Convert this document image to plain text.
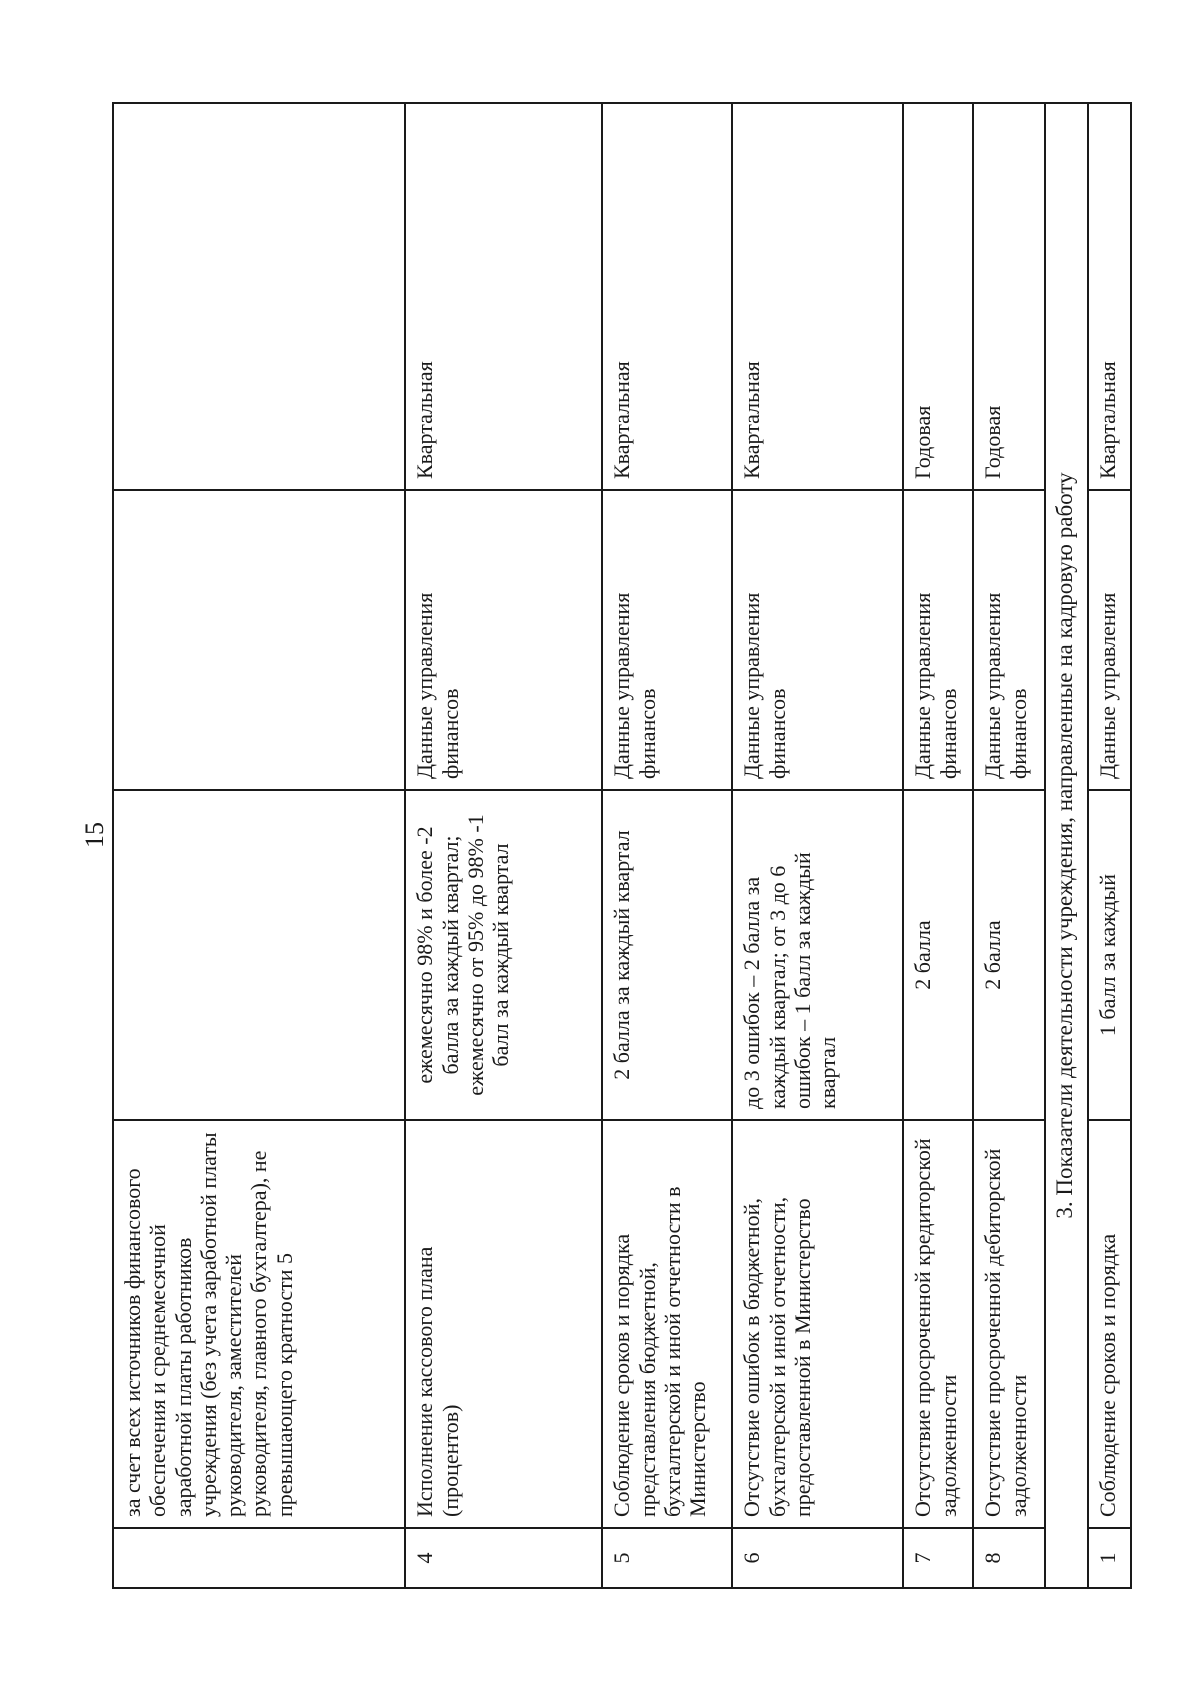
15
	за счет всех источников финансового обеспечения и среднемесячной заработной платы работников учреждения (без учета заработной платы руководителя, заместителей руководителя, главного бухгалтера), не превышающего кратности 5			
4	Исполнение кассового плана (процентов)	ежемесячно 98% и более -2 балла за каждый квартал; ежемесячно от 95% до 98% -1 балл за каждый квартал	Данные управления финансов	Квартальная
5	Соблюдение сроков и порядка представления бюджетной, бухгалтерской и иной отчетности в Министерство	2 балла за каждый квартал	Данные управления финансов	Квартальная
6	Отсутствие ошибок в бюджетной, бухгалтерской и иной отчетности, предоставленной в Министерство	до 3 ошибок – 2 балла за каждый квартал; от 3 до 6 ошибок – 1 балл за каждый квартал	Данные управления финансов	Квартальная
7	Отсутствие просроченной кредиторской задолженности	2 балла	Данные управления финансов	Годовая
8	Отсутствие просроченной дебиторской задолженности	2 балла	Данные управления финансов	Годовая
3. Показатели деятельности учреждения, направленные на кадровую работу				
1	Соблюдение сроков и порядка	1 балл за каждый	Данные управления	Квартальная
